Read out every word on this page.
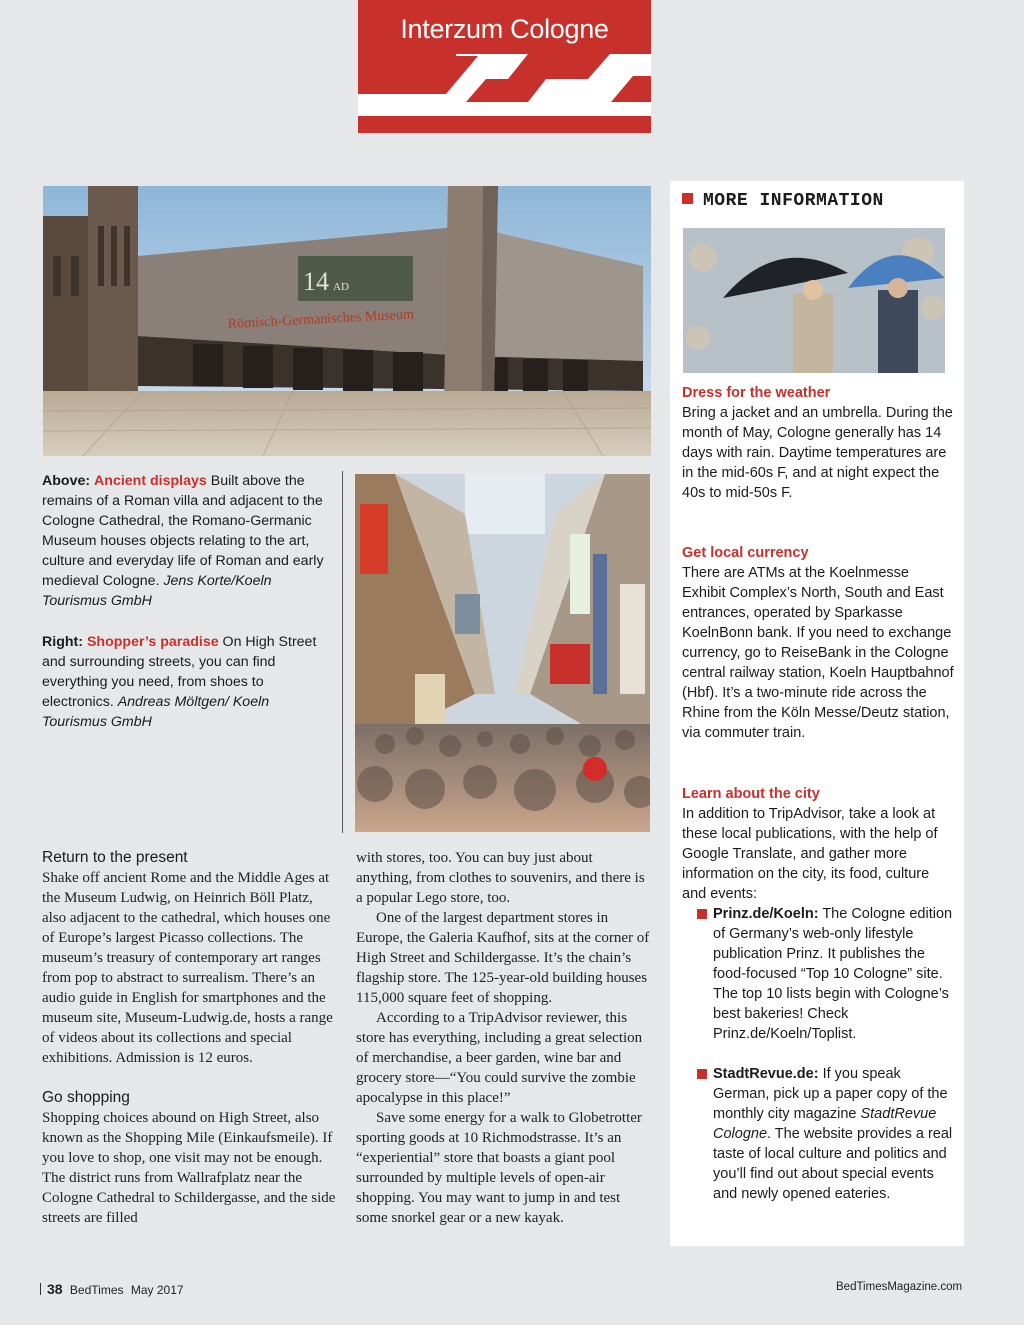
Interzum Cologne
14 AD
Römisch-Germanisches Museum
Above: Ancient displays Built above the remains of a Roman villa and adjacent to the Cologne Cathedral, the Romano-Germanic Museum houses objects relating to the art, culture and everyday life of Roman and early medieval Cologne. Jens Korte/Koeln Tourismus GmbH
Right: Shopper’s paradise On High Street and surrounding streets, you can find everything you need, from shoes to electronics. Andreas Möltgen/ Koeln Tourismus GmbH

Return to the present

Shake off ancient Rome and the Middle Ages at the Museum Ludwig, on Heinrich Böll Platz, also adjacent to the cathedral, which houses one of Europe’s largest Picasso collections. The museum’s treasury of contemporary art ranges from pop to abstract to surrealism. There’s an audio guide in English for smartphones and the museum site, Museum-Ludwig.de, hosts a range of videos about its collections and special exhibitions. Admission is 12 euros.

Go shopping

Shopping choices abound on High Street, also known as the Shopping Mile (Einkaufsmeile). If you love to shop, one visit may not be enough. The district runs from Wallrafplatz near the Cologne Cathedral to Schildergasse, and the side streets are filled

with stores, too. You can buy just about anything, from clothes to souvenirs, and there is a popular Lego store, too.

One of the largest department stores in Europe, the Galeria Kaufhof, sits at the corner of High Street and Schildergasse. It’s the chain’s flagship store. The 125-year-old building houses 115,000 square feet of shopping.

According to a TripAdvisor reviewer, this store has everything, including a great selection of merchandise, a beer garden, wine bar and grocery store—“You could survive the zombie apocalypse in this place!”

Save some energy for a walk to Globetrotter sporting goods at 10 Richmodstrasse. It’s an “experiential” store that boasts a giant pool surrounded by multiple levels of open-air shopping. You may want to jump in and test some snorkel gear or a new kayak.

MORE INFORMATION
Dress for the weather
Bring a jacket and an umbrella. During the month of May, Cologne generally has 14 days with rain. Daytime temperatures are in the mid-60s F, and at night expect the 40s to mid-50s F.
Get local currency
There are ATMs at the Koelnmesse Exhibit Complex’s North, South and East entrances, operated by Sparkasse KoelnBonn bank. If you need to exchange currency, go to ReiseBank in the Cologne central railway station, Koeln Hauptbahnof (Hbf). It’s a two-minute ride across the Rhine from the Köln Messe/Deutz station, via commuter train.
Learn about the city
In addition to TripAdvisor, take a look at these local publications, with the help of Google Translate, and gather more information on the city, its food, culture and events:
Prinz.de/Koeln: The Cologne edition of Germany’s web-only lifestyle publication Prinz. It publishes the food-focused “Top 10 Cologne” site. The top 10 lists begin with Cologne’s best bakeries! Check Prinz.de/Koeln/Toplist.
StadtRevue.de: If you speak German, pick up a paper copy of the monthly city magazine StadtRevue Cologne. The website provides a real taste of local culture and politics and you’ll find out about special events and newly opened eateries.
38 BedTimes May 2017	BedTimesMagazine.com
